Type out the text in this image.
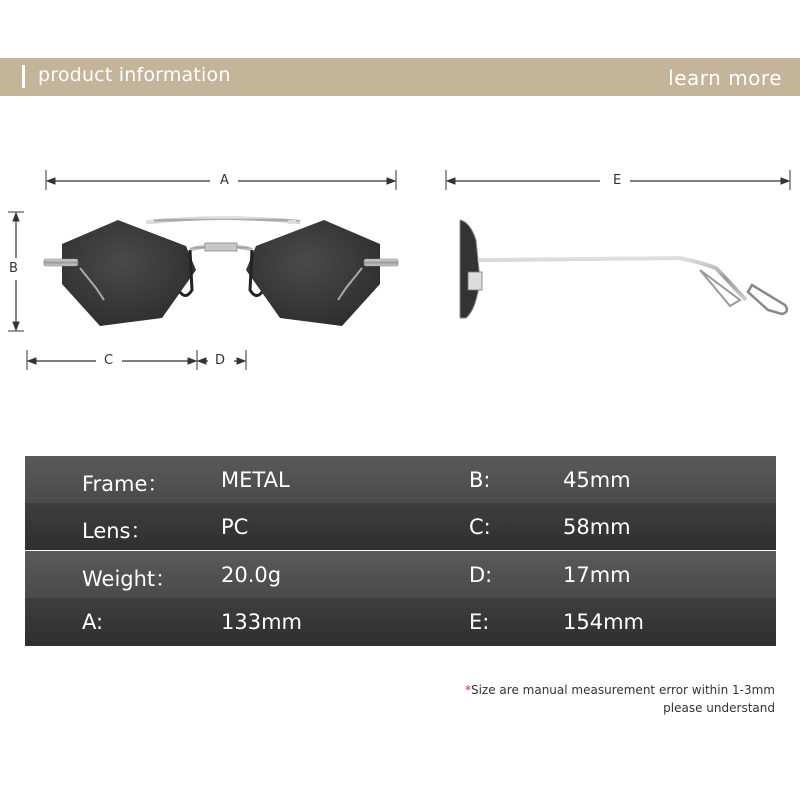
product information	learn more
A
B
C	D
E
Frame：	METAL	B:	45mm
Lens：	PC	C:	58mm
Weight： 20.0g	D:	17mm
A:	133mm	E:	154mm
*Size are manual measurement error within 1-3mm
please understand
